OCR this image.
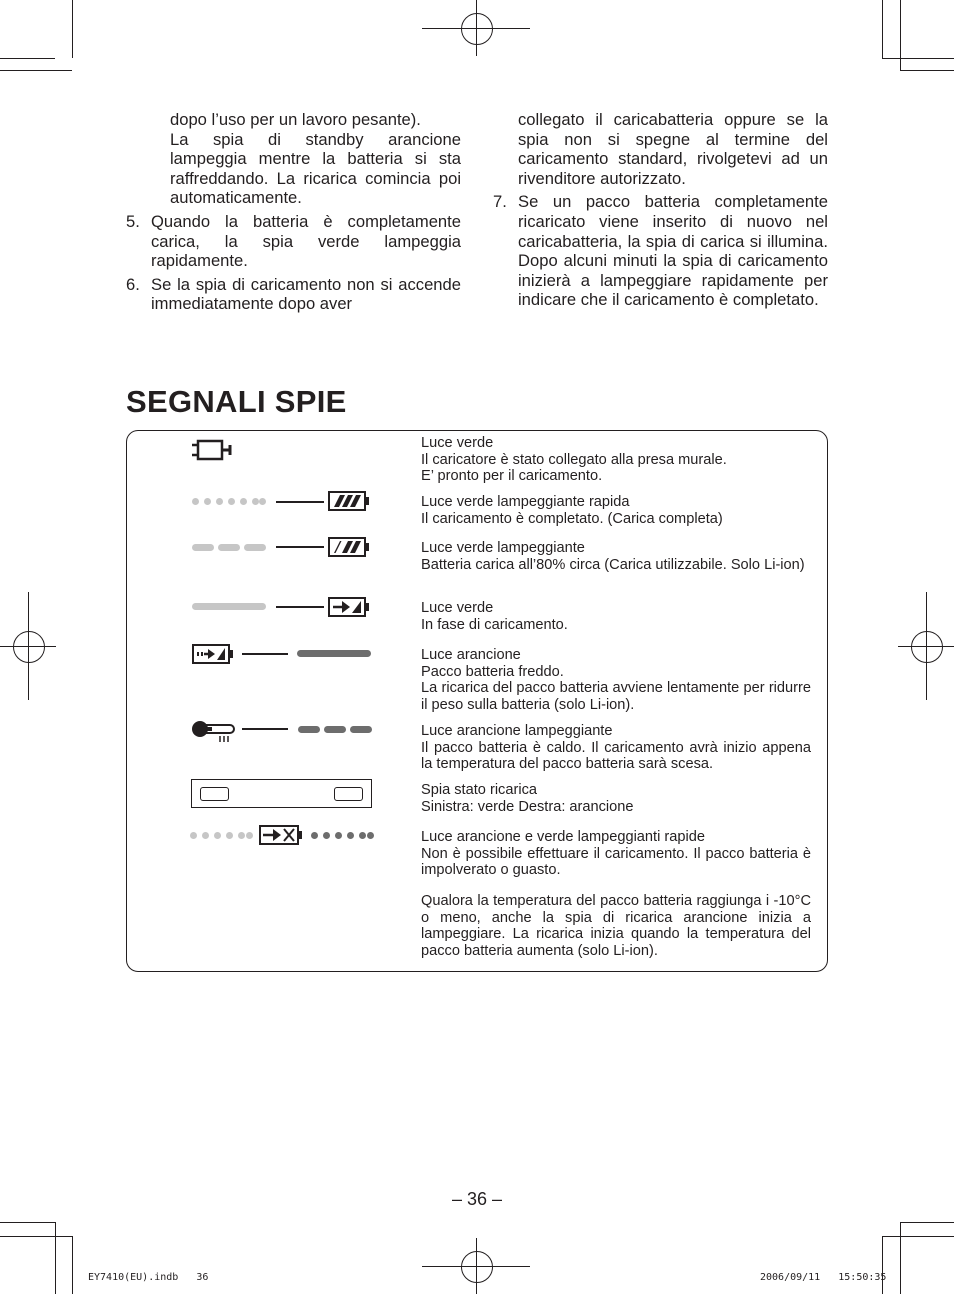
dopo l’uso per un lavoro pesante).

La spia di standby arancione lampeggia mentre la batteria si sta raffreddando. La ricarica comincia poi automaticamente.

5. Quando la batteria è completamente carica, la spia verde lampeggia rapidamente.

6. Se la spia di caricamento non si accende immediatamente dopo aver

collegato il caricabatteria oppure se la spia non si spegne al termine del caricamento standard, rivolgetevi ad un rivenditore autorizzato.

7. Se un pacco batteria completamente ricaricato viene inserito di nuovo nel caricabatteria, la spia di carica si illumina. Dopo alcuni minuti la spia di caricamento inizierà a lampeggiare rapidamente per indicare che il caricamento è completato.

SEGNALI SPIE
Luce verde
Il caricatore è stato collegato alla presa murale.
E’ pronto per il caricamento.
Luce verde lampeggiante rapida
Il caricamento è completato. (Carica completa)
Luce verde lampeggiante
Batteria carica all’80% circa (Carica utilizzabile. Solo Li-ion)
Luce verde
In fase di caricamento.
Luce arancione
Pacco batteria freddo.
La ricarica del pacco batteria avviene lentamente per ridurre il peso sulla batteria (solo Li-ion).
Luce arancione lampeggiante
Il pacco batteria è caldo. Il caricamento avrà inizio appena la temperatura del pacco batteria sarà scesa.
Spia stato ricarica
Sinistra: verde Destra: arancione
Luce arancione e verde lampeggianti rapide
Non è possibile effettuare il caricamento. Il pacco batteria è impolverato o guasto.
Qualora la temperatura del pacco batteria raggiunga i -10°C o meno, anche la spia di ricarica arancione inizia a lampeggiare. La ricarica inizia quando la temperatura del pacco batteria aumenta (solo Li-ion).
– 36 –
EY7410(EU).indb   36	2006/09/11   15:50:35
